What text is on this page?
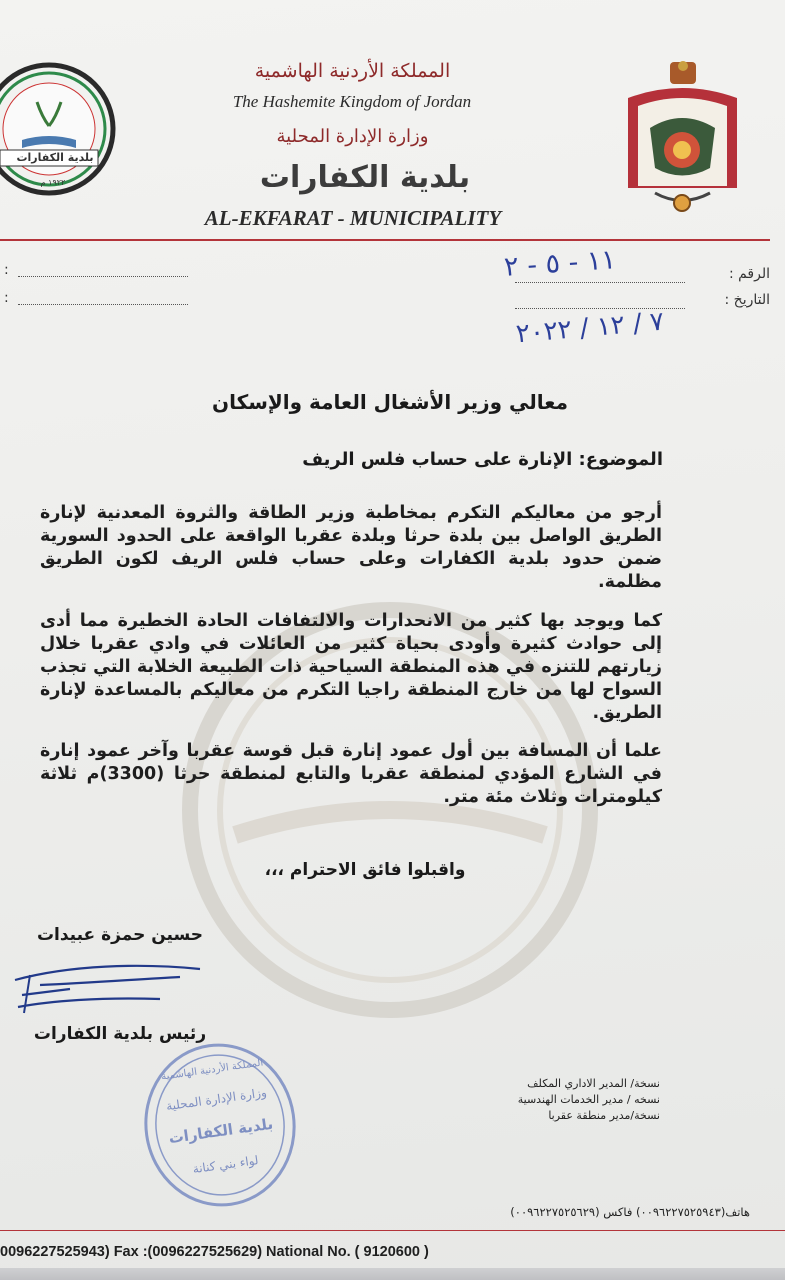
بلدية الكفارات
١٩٢٢ م
المملكة الأردنية الهاشمية
The Hashemite Kingdom of Jordan
وزارة الإدارة المحلية
بلدية الكفارات
AL-EKFARAT - MUNICIPALITY
:
:
الرقم :
التاريخ :
١١ - ٥ - ٢
٧ / ١٢ / ٢٠٢٢
معالي وزير الأشغال العامة والإسكان
الموضوع: الإنارة على حساب فلس الريف
أرجو من معاليكم التكرم بمخاطبة وزير الطاقة والثروة المعدنية لإنارة الطريق الواصل بين بلدة حرثا وبلدة عقربا الواقعة على الحدود السورية ضمن حدود بلدية الكفارات وعلى حساب فلس الريف لكون الطريق مظلمة.
كما ويوجد بها كثير من الانحدارات والالتفافات الحادة الخطيرة مما أدى إلى حوادث كثيرة وأودى بحياة كثير من العائلات في وادي عقربا خلال زيارتهم للتنزه في هذه المنطقة السياحية ذات الطبيعة الخلابة التي تجذب السواح لها من خارج المنطقة راجيا التكرم من معاليكم بالمساعدة لإنارة الطريق.
علما أن المسافة بين أول عمود إنارة قبل قوسة عقربا وآخر عمود إنارة في الشارع المؤدي لمنطقة عقربا والتابع لمنطقة حرثا (3300)م ثلاثة كيلومترات وثلاث مئة متر.
واقبلوا فائق الاحترام ،،،
حسين حمزة عبيدات
رئيس بلدية الكفارات
المملكة الأردنية الهاشمية
وزارة الإدارة المحلية
بلدية الكفارات
لواء بني كنانة
نسخة/ المدير الاداري المكلف
نسخه / مدير الخدمات الهندسية
نسخة/مدير منطقة عقربا
هاتف(٠٠٩٦٢٢٧٥٢٥٩٤٣) فاكس (٠٠٩٦٢٢٧٥٢٥٦٢٩)
0096227525943) Fax :(0096227525629) National No. ( 9120600 )
